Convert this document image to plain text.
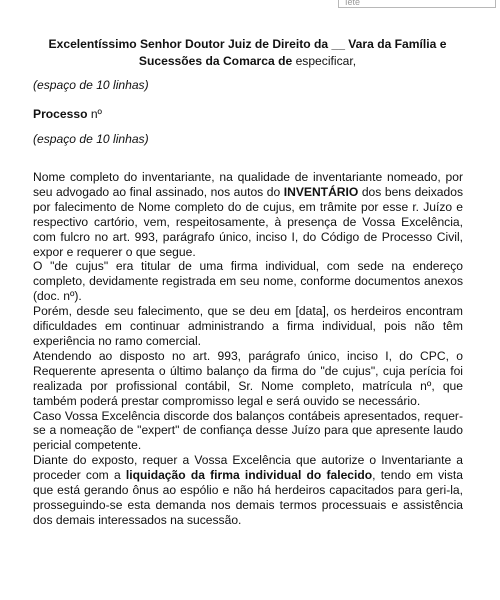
Iete
Excelentíssimo Senhor Doutor Juiz de Direito da __ Vara da Família e Sucessões da Comarca de especificar,
(espaço de 10 linhas)
Processo nº
(espaço de 10 linhas)

Nome completo do inventariante, na qualidade de inventariante nomeado, por seu advogado ao final assinado, nos autos do INVENTÁRIO dos bens deixados por falecimento de Nome completo do de cujus, em trâmite por esse r. Juízo e respectivo cartório, vem, respeitosamente, à presença de Vossa Excelência, com fulcro no art. 993, parágrafo único, inciso I, do Código de Processo Civil, expor e requerer o que segue.

O "de cujus" era titular de uma firma individual, com sede na endereço completo, devidamente registrada em seu nome, conforme documentos anexos (doc. nº).

Porém, desde seu falecimento, que se deu em [data], os herdeiros encontram dificuldades em continuar administrando a firma individual, pois não têm experiência no ramo comercial.

Atendendo ao disposto no art. 993, parágrafo único, inciso I, do CPC, o Requerente apresenta o último balanço da firma do "de cujus", cuja perícia foi realizada por profissional contábil, Sr. Nome completo, matrícula nº, que também poderá prestar compromisso legal e será ouvido se necessário.

Caso Vossa Excelência discorde dos balanços contábeis apresentados, requer-se a nomeação de "expert" de confiança desse Juízo para que apresente laudo pericial competente.

Diante do exposto, requer a Vossa Excelência que autorize o Inventariante a proceder com a liquidação da firma individual do falecido, tendo em vista que está gerando ônus ao espólio e não há herdeiros capacitados para geri-la, prosseguindo-se esta demanda nos demais termos processuais e assistência dos demais interessados na sucessão.
